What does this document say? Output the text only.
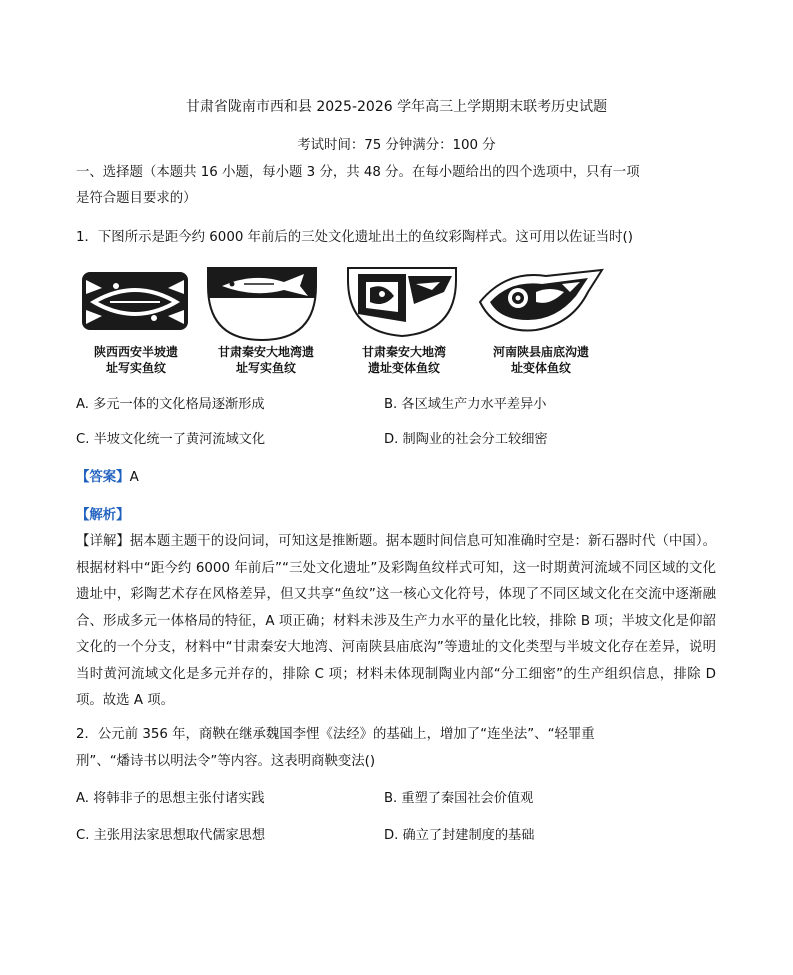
甘肃省陇南市西和县 2025-2026 学年高三上学期期末联考历史试题
考试时间：75 分钟满分：100 分
一、选择题（本题共 16 小题，每小题 3 分，共 48 分。在每小题给出的四个选项中，只有一项
是符合题目要求的）
1．下图所示是距今约 6000 年前后的三处文化遗址出土的鱼纹彩陶样式。这可用以佐证当时()
陕西西安半坡遗
址写实鱼纹
甘肃秦安大地湾遗
址写实鱼纹
甘肃秦安大地湾
遗址变体鱼纹
河南陕县庙底沟遗
址变体鱼纹
A. 多元一体的文化格局逐渐形成	B. 各区域生产力水平差异小
C. 半坡文化统一了黄河流域文化	D. 制陶业的社会分工较细密
【答案】A
【解析】
【详解】据本题主题干的设问词，可知这是推断题。据本题时间信息可知准确时空是：新石器时代（中国）。根据材料中“距今约 6000 年前后”“三处文化遗址”及彩陶鱼纹样式可知，这一时期黄河流域不同区域的文化遗址中，彩陶艺术存在风格差异，但又共享“鱼纹”这一核心文化符号，体现了不同区域文化在交流中逐渐融合、形成多元一体格局的特征，A 项正确；材料未涉及生产力水平的量化比较，排除 B 项；半坡文化是仰韶文化的一个分支，材料中“甘肃秦安大地湾、河南陕县庙底沟”等遗址的文化类型与半坡文化存在差异，说明当时黄河流域文化是多元并存的，排除 C 项；材料未体现制陶业内部“分工细密”的生产组织信息，排除 D 项。故选 A 项。
2．公元前 356 年，商鞅在继承魏国李悝《法经》的基础上，增加了“连坐法”、“轻罪重
刑”、“燔诗书以明法令”等内容。这表明商鞅变法()
A. 将韩非子的思想主张付诸实践	B. 重塑了秦国社会价值观
C. 主张用法家思想取代儒家思想	D. 确立了封建制度的基础
